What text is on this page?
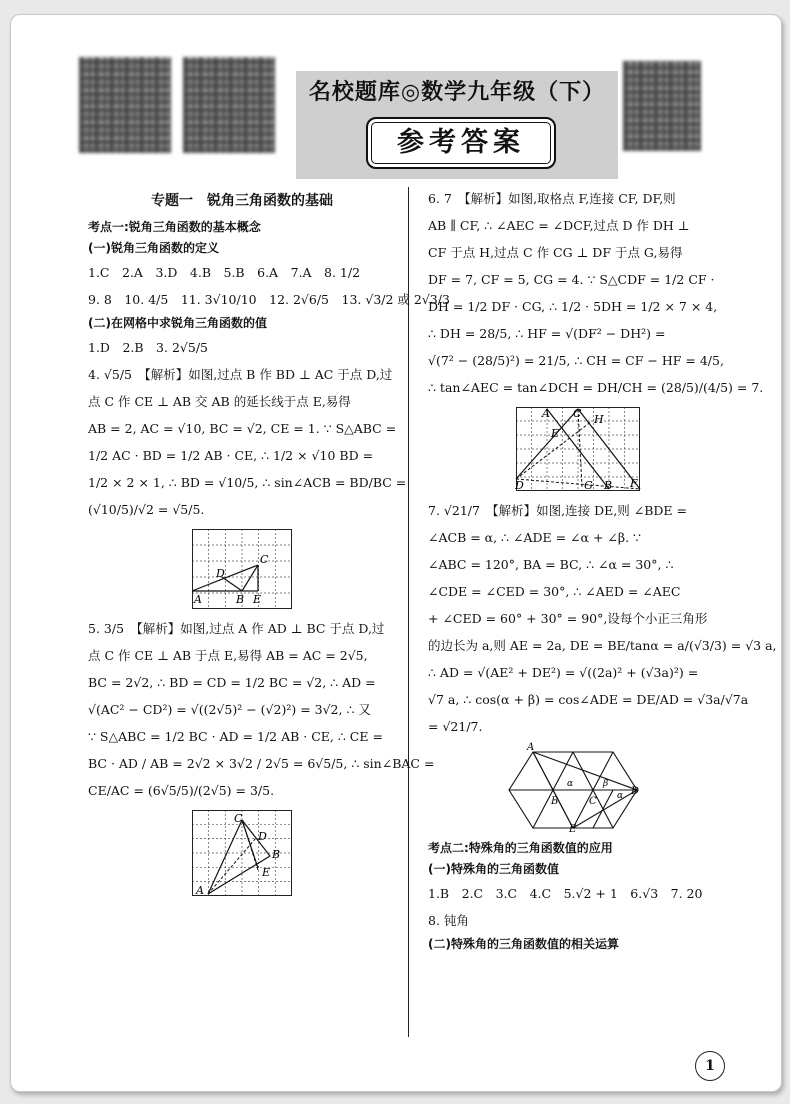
名校题库◎数学九年级（下）
参考答案
专题一　锐角三角函数的基础
考点一:锐角三角函数的基本概念
(一)锐角三角函数的定义
1.C　2.A　3.D　4.B　5.B　6.A　7.A　8. 1/2
9. 8　10. 4/5　11. 3√10/10　12. 2√6/5　13. √3/2 或 2√3/3
(二)在网格中求锐角三角函数的值
1.D　2.B　3. 2√5/5
4. √5/5　【解析】如图,过点 B 作 BD ⊥ AC 于点 D,过
点 C 作 CE ⊥ AB 交 AB 的延长线于点 E,易得
AB = 2, AC = √10, BC = √2, CE = 1. ∵ S△ABC =
1/2 AC · BD = 1/2 AB · CE, ∴ 1/2 × √10 BD =
1/2 × 2 × 1, ∴ BD = √10/5, ∴ sin∠ACB = BD/BC =
(√10/5)/√2 = √5/5.
C
D
A	B E
5. 3/5　【解析】如图,过点 A 作 AD ⊥ BC 于点 D,过
点 C 作 CE ⊥ AB 于点 E,易得 AB = AC = 2√5,
BC = 2√2, ∴ BD = CD = 1/2 BC = √2, ∴ AD =
√(AC² − CD²) = √((2√5)² − (√2)²) = 3√2, ∴ 又
∵ S△ABC = 1/2 BC · AD = 1/2 AB · CE, ∴ CE =
BC · AD / AB = 2√2 × 3√2 / 2√5 = 6√5/5, ∴ sin∠BAC =
CE/AC = (6√5/5)/(2√5) = 3/5.
C
D
B
E
A
6. 7　【解析】如图,取格点 F,连接 CF, DF,则
AB ∥ CF, ∴ ∠AEC = ∠DCF,过点 D 作 DH ⊥
CF 于点 H,过点 C 作 CG ⊥ DF 于点 G,易得
DF = 7, CF = 5, CG = 4. ∵ S△CDF = 1/2 CF ·
DH = 1/2 DF · CG, ∴ 1/2 · 5DH = 1/2 × 7 × 4,
∴ DH = 28/5, ∴ HF = √(DF² − DH²) =
√(7² − (28/5)²) = 21/5, ∴ CH = CF − HF = 4/5,
∴ tan∠AEC = tan∠DCH = DH/CH = (28/5)/(4/5) = 7.
A C
E
H
D	G B F
7. √21/7　【解析】如图,连接 DE,则 ∠BDE =
∠ACB = α, ∴ ∠ADE = ∠α + ∠β. ∵
∠ABC = 120°, BA = BC, ∴ ∠α = 30°, ∴
∠CDE = ∠CED = 30°, ∴ ∠AED = ∠AEC
+ ∠CED = 60° + 30° = 90°,设每个小正三角形
的边长为 a,则 AE = 2a, DE = BE/tanα = a/(√3/3) = √3 a,
∴ AD = √(AE² + DE²) = √((2a)² + (√3a)²) =
√7 a, ∴ cos(α + β) = cos∠ADE = DE/AD = √3a/√7a
= √21/7.
A
α	β
D
B	C α
E
考点二:特殊角的三角函数值的应用
(一)特殊角的三角函数值
1.B　2.C　3.C　4.C　5.√2 + 1　6.√3　7. 20
8. 钝角
(二)特殊角的三角函数值的相关运算
1
